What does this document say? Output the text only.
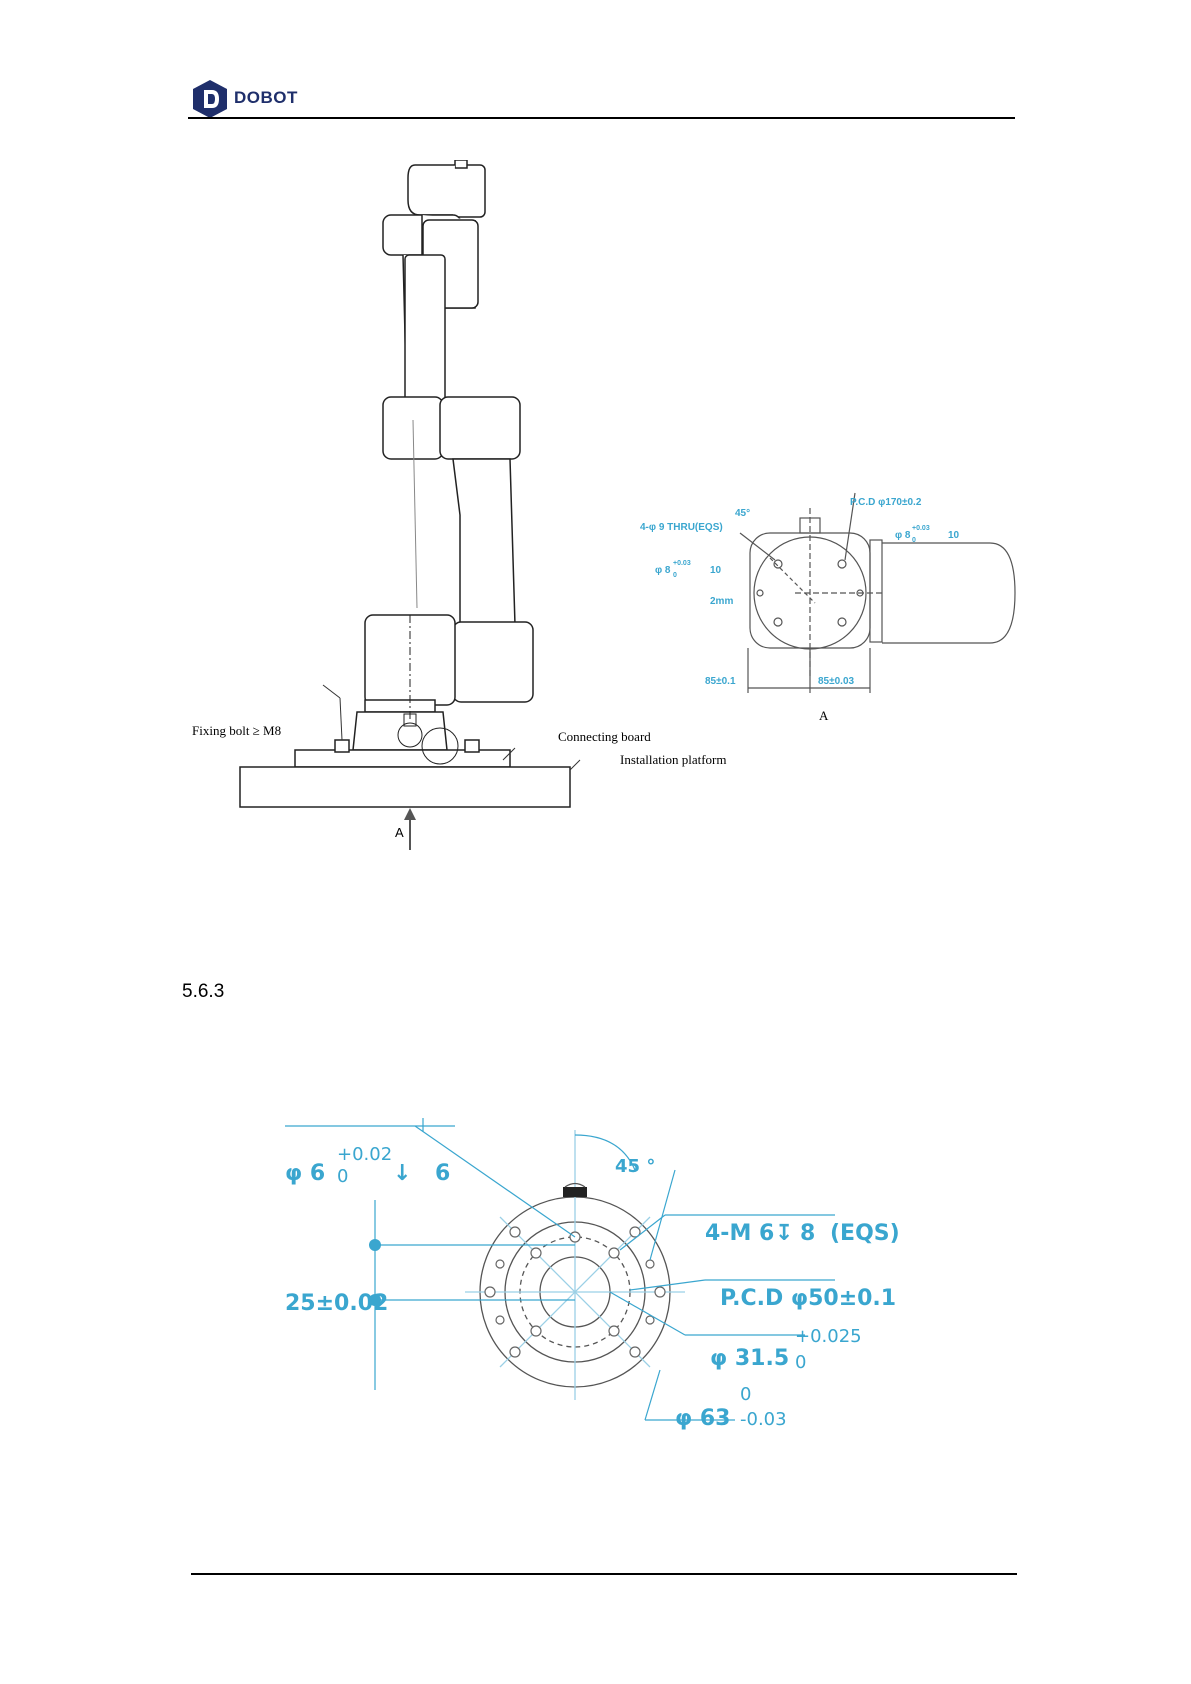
DOBOT
Fixing bolt ≥ M8	Connecting board
Installation platform
A
4-φ 9 THRU(EQS)
45°
P.C.D φ170±0.2
φ 8
+0.03
0	10
φ 8
+0.03
0	10
2mm
85±0.1	85±0.03
A
5.6.3
φ 6
+0.02
0 ↓ 6	45 °
4-M 6 ↧ 8 (EQS)
P.C.D φ50±0.1
25±0.02
φ 31.5
+0.025
0
φ 63
0
-0.03
